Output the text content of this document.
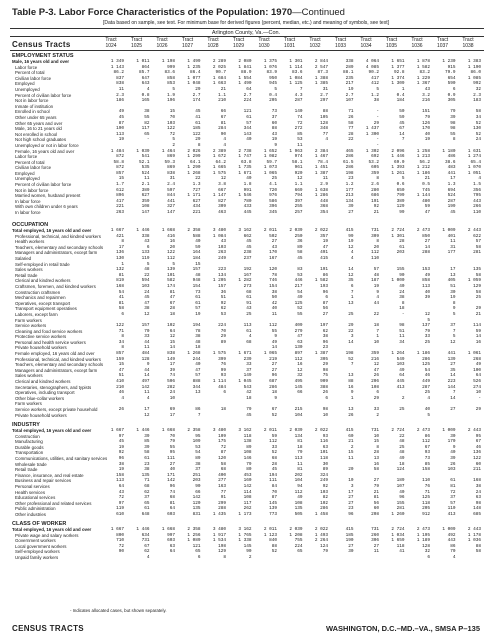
Table P-3. Labor Force Characteristics of the Population: 1970—Continued
[Data based on sample, see text. For minimum base for derived figures (percent, median, etc.) and meaning of symbols, see text]
Arlington County, Va.—Con.
Census Tracts	Tract
1024
Tract
1025
Tract
1026
Tract
1027
Tract
1028
Tract
1029
Tract
1030
Tract
1031
Tract
1032
Tract
1033
Tract
1034
Tract
1035
Tract
1036
Tract
1037
Tract
1038
EMPLOYMENT STATUS
Male, 16 years old and over
Labor force
Percent of total
Civilian labor force
Employed
Unemployed
Percent of civilian labor force
Not in labor force
Inmate of institution
Enrolled in school
Other under 65 years
Other 65 years and over
Male, 16 to 21 years old
Not enrolled in school
Not high school graduates
Unemployed or not in labor force
Female, 16 years old and over
Labor force
Percent of total
Civilian labor force
Employed
Unemployed
Percent of civilian labor force
Not in labor force
Married women, husband present
In labor force
With own children under 6 years
In labor force
1 349
1 143
86.2
837
838
11
2.3
186
49
45
87
190
113
19
1 484
872
58.8
872
857
15
1.7
612
896
417
221
263
1 011
864
85.7
647
643
4
0.8
165
38
55
82
117
65
-
1 039
541
52.1
535
524
11
2.1
389
627
359
108
147
1 198
999
83.6
858
853
5
1.9
196
15
70
103
122
72
5
2
1 464
869
59.3
869
838
31
2.4
597
844
441
327
147
1 499
1 235
86.4
1 077
1 048
29
2.7
174
45
41
61
185
122
29
8
2 026
1 299
64.1
1 290
1 268
22
1.3
727
1 171
627
434
221
2 289
2 025
90.7
1 684
1 663
21
1.1
210
66
67
81
284
90
4
4
2 389
1 672
64.2
1 665
1 575
12
3.8
667
1 147
827
309
463
2 080
1 841
88.9
1 554
1 490
64
2.7
224
121
61
57
344
143
40
2 738
1 747
63.8
1 735
1 671
40
1.8
991
1 546
780
433
445
1 375
1 076
83.9
950
945
5
0.4
205
73
37
60
88
43
19
9
1 652
1 082
59.7
1 073
1 065
25
4.1
720
976
586
396
345
1 301
1 114
83.6
1 084
1 125
7
4.3
287
140
74
72
272
85
53
11
1 963
974
58.1
961
920
12
1.1
669
794
397
255
257
2 844
2 547
87.3
1 388
1 385
31
2.7
297
88
105
128
348
77
4
2 384
1 467
78.4
1 451
1 387
11
2.9
1 638
1 286
448
368
354
338
289
88.1
235
217
19
2.7
107
71
26
58
77
28
22
465
286
61.5
286
198
23
1.2
177
213
134
39
27
4 064
4 085
90.2
417
412
5
1.2
38
-
-
29
1 437
1 300
-
-
1 302
692
53.2
605
359
8
2.6
280
686
191
92
21
1 651
1 377
92.8
1 374
1 309
1
0.4
184
50
59
45
67
14
7
2 096
1 446
69.0
1 393
1 261
5
0.6
650
799
389
129
99
1 878
1 582
83.2
1 229
1 367
43
3.2
216
151
79
126
170
40
19
1 258
1 213
56.2
1 212
1 186
21
0.5
745
1 144
480
59
47
1 230
915
79.9
654
590
6
0.9
305
79
39
98
98
55
8
1 180
486
38.6
483
441
17
1.3
694
524
287
199
45
1 383
1 190
86.0
1 085
992
32
2.3
183
58
34
52
130
52
24
1 631
1 274
65.4
1 070
1 051
4
1.5
356
795
443
266
110
OCCUPATION
Total employed, 16 years old and over
Professional, technical, and kindred workers
Health workers
Teachers, elementary and secondary schools
Managers and administrators, except farm
Salaried
Self-employed in retail trade
Sales workers
Retail trade
Clerical and kindred workers
Craftsmen, foremen, and kindred workers
Construction craftsmen
Mechanics and repairmen
Operatives, except transport
Transport equipment operatives
Laborers, except farm
Farm workers
Service workers
Cleaning and food service workers
Protective service workers
Personal and health service workers
Private household workers
Female employed, 16 years old and over
Professional, technical, and kindred workers
Teachers, elementary and secondary schools
Managers and administrators, except farm
Sales workers
Clerical and kindred workers
Secretaries, stenographers, and typists
Operatives, including transport
Other blue-collar workers
Farm workers
Service workers, except private household
Private household workers
1 667
421
8
17
136
130
1
132
81
819
168
54
41
81
58
6
122
71
8
34
8
857
159
15
47
51
410
210
46
4
26
1 446
338
43
6
133
119
5
48
22
594
103
24
45
47
38
12
157
70
33
44
11
484
128
9
44
14
497
142
11
4
17
12
1 668
416
16
20
122
112
5
139
101
582
174
81
47
67
28
18
102
64
12
15
14
838
149
17
39
74
506
282
24
10
69
17
2 358
588
40
59
164
184
15
157
48
948
154
73
61
61
57
19
194
78
38
48
18
1 268
244
40
47
57
888
344
13
86
7
3 480
1 084
43
103
263
249
223
134
1 205
157
36
51
92
62
53
224
70
29
89
1 575
399
76
99
93
1 114
484
6
18
3 162
662
45
45
238
237
192
167
1 282
273
68
61
91
43
25
113
61
4
68
1 671
239
33
37
149
1 045
543
42
18
79
45
2 011
502
27
43
170
167
120
78
746
154
38
50
42
40
11
112
55
9
49
14
1 065
219
27
27
96
687
286
18
9
67
52
2 039
250
36
89
58
45
83
53
446
217
54
49
125
52
55
409
279
47
63
130
897
112
16
12
32
495
145
66
215
104
2 022
357
19
47
491
415
191
86
1 582
193
96
6
87
56
27
197
62
38
96
23
1 387
305
29
98
75
909
388
26
6
98
10
415
99
19
12
4
4
14
12
35
6
7
1
13
25
29
22
3
14
198
52
7
13
88
16
9
1
13
26
731
309
8
20
112
110
57
48
187
19
9
4
44
22
18
7
1
10
359
216
12
47
26
206
108
6
29
33
2
2 724
1 301
28
61
203
155
90
1 000
40
24
38
8
18
-
98
51
11
34
1 264
549
103
49
64
445
413
2
25
2 473
850
27
14
288
153
49
858
113
40
39
12
5
137
79
33
25
1 186
286
125
54
46
449
287
25
4
40
5
1 009
401
11
31
177
17
13
405
51
30
19
8
9
5
37
7
5
12
441
139
27
35
14
223
144
7
14
27
2 443
622
57
58
281
135
58
1 059
129
58
25
29
21
114
59
14
16
1 061
268
49
100
64
526
274
10
-
29
INDUSTRY
Total employed, 16 years old and over
Construction
Manufacturing
Durable goods
Transportation
Communications, utilities, and sanitary services
Wholesale trade
Retail trade
Finance, insurance, and real estate
Business and repair services
Personal services
Health services
Educational services
Other professional and related services
Public administration
Other industries
1 667
97
45
19
92
96
38
19
158
113
64
43
72
97
119
610
1 446
39
85
39
58
61
23
38
135
71
68
62
37
65
61
648
1 668
70
79
55
95
111
27
40
171
142
96
74
68
81
64
603
2 358
95
109
53
54
89
38
37
251
203
90
66
142
120
135
831
3 480
109
175
72
87
120
58
68
400
277
163
77
91
299
288
1 435
3 162
118
138
89
108
146
79
80
453
160
142
114
108
117
262
1 173
2 011
59
112
33
52
68
28
45
194
111
84
70
87
145
139
773
2 039
134
81
18
79
113
11
81
202
104
94
112
49
108
135
505
2 022
93
116
63
101
118
30
89
324
249
92
103
82
102
286
1 458
415
60
21
2
15
11
20
10
3
17
27
27
23
96
731
10
15
8
28
13
16
58
27
79
21
81
56
60
208
2 724
22
48
25
48
49
18
124
189
107
40
96
155
281
1 260
2 473
86
112
67
93
73
85
158
110
76
71
125
118
205
912
1 009
30
170
9
40
39
26
103
61
81
72
37
57
110
413
2 443
95
67
46
136
122
60
211
168
38
24
63
98
148
685
CLASS OF WORKER
Total employed, 16 years old and over
Private wage and salary workers
Government workers
Local government workers
Self-employed workers
Unpaid family workers
1 667
800
710
72
90
1 446
634
731
67
62
4
1 668
997
603
63
64
2 358
1 256
1 089
121
65
6
3 480
1 917
1 534
198
129
8
3 162
1 765
1 338
145
90
2
2 011
1 123
840
88
52
2 039
1 208
755
224
65
2 022
1 493
2 264
124
79
415
185
190
27
30
731
260
306
27
11
2 724
1 034
1 659
118
41
2 473
1 195
1 189
128
32
6
1 009
492
443
86
70
4
2 443
1 178
1 036
88
58
- Indicates allocated cases, but shown separately.
CENSUS TRACTS	WASHINGTON, D.C.–MD.–VA., SMSA P–135
